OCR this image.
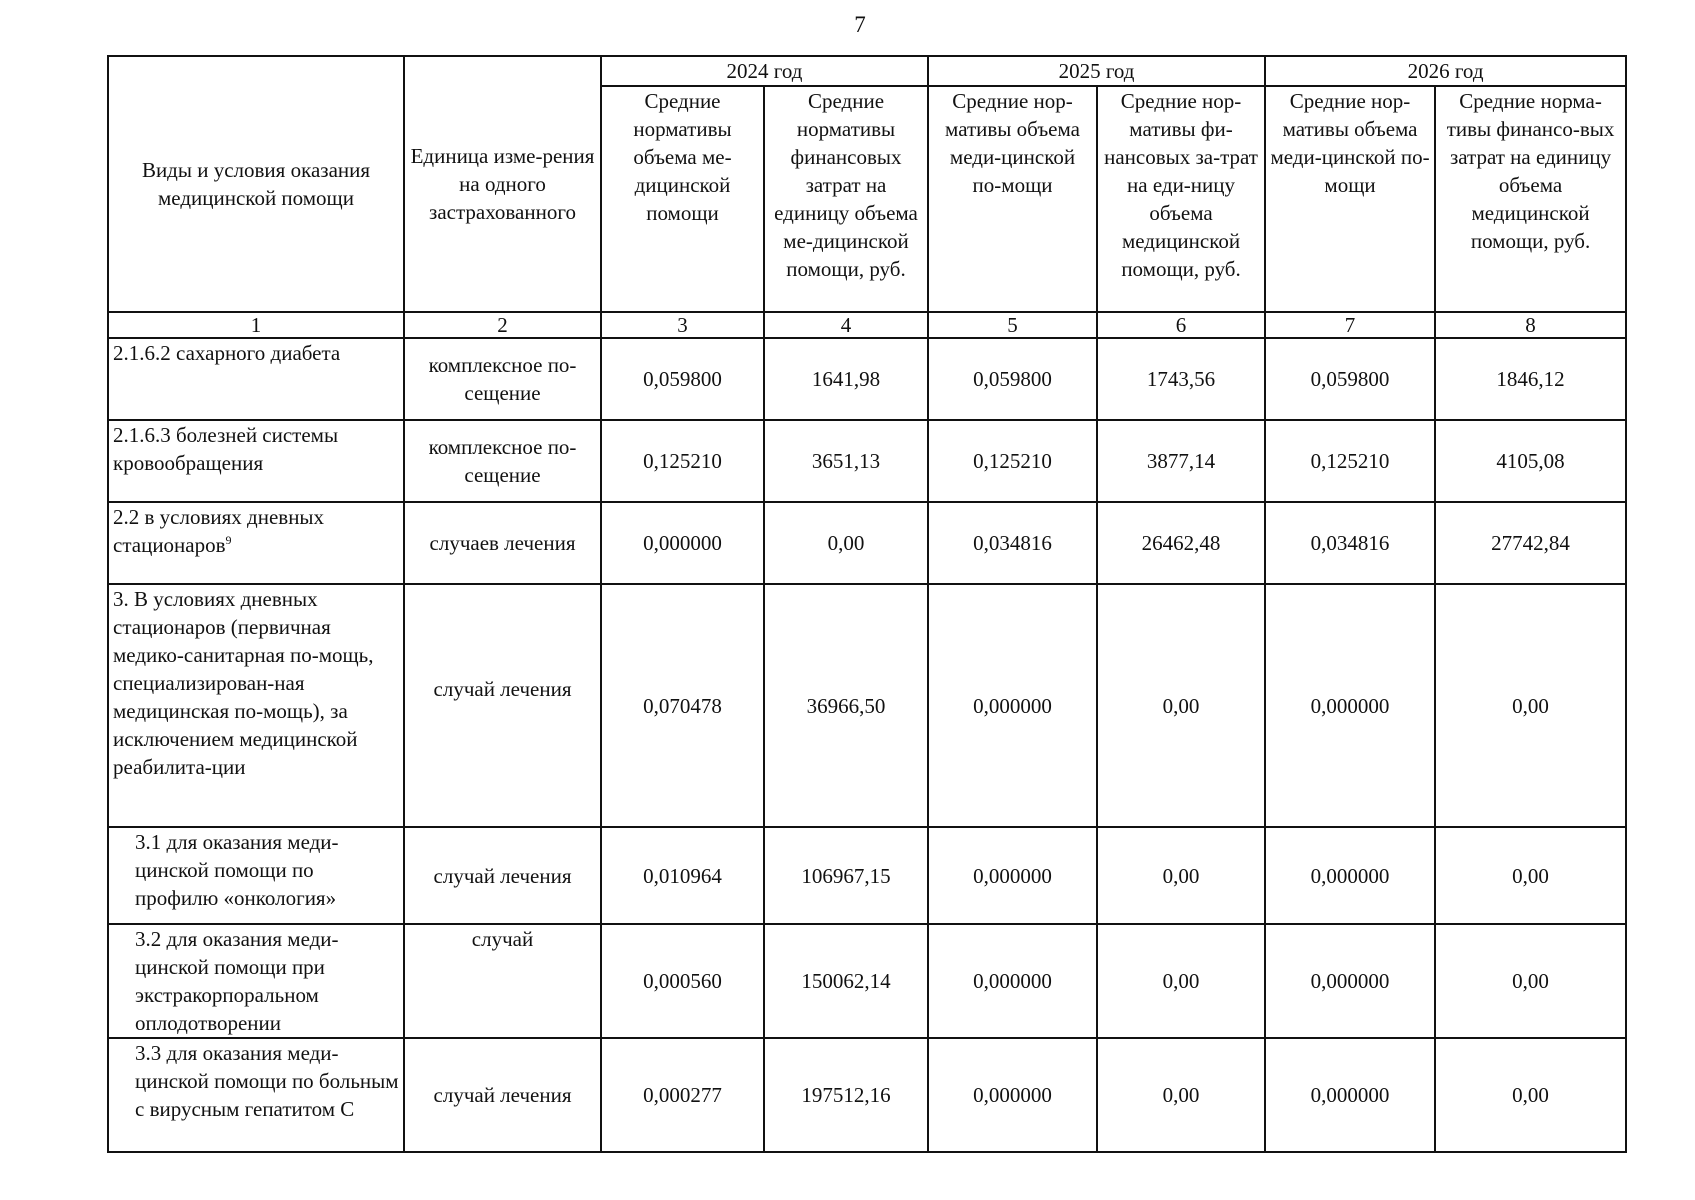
7
Виды и условия оказания медицинской помощи	Единица изме-рения на одного застрахованного	2024 год		2025 год		2026 год	
		Средние нормативы объема ме-дицинской помощи	Средние нормативы финансовых затрат на единицу объема ме-дицинской помощи, руб.	Средние нор-мативы объема меди-цинской по-мощи	Средние нор-мативы фи-нансовых за-трат на еди-ницу объема медицинской помощи, руб.	Средние нор-мативы объема меди-цинской по-мощи	Средние норма-тивы финансо-вых затрат на единицу объема медицинской помощи, руб.
1	2	3	4	5	6	7	8
2.1.6.2 сахарного диабета	комплексное по-сещение	0,059800	1641,98	0,059800	1743,56	0,059800	1846,12
2.1.6.3 болезней системы кровообращения	комплексное по-сещение	0,125210	3651,13	0,125210	3877,14	0,125210	4105,08
2.2 в условиях дневных стационаров$^9$	случаев лечения	0,000000	0,00	0,034816	26462,48	0,034816	27742,84
3. В условиях дневных стационаров (первичная медико-санитарная по-мощь, специализирован-ная медицинская по-мощь), за исключением медицинской реабилита-ции	случай лечения	0,070478	36966,50	0,000000	0,00	0,000000	0,00
3.1 для оказания меди-цинской помощи по профилю «онкология»	случай лечения	0,010964	106967,15	0,000000	0,00	0,000000	0,00
3.2 для оказания меди-цинской помощи при экстракорпоральном оплодотворении	случай	0,000560	150062,14	0,000000	0,00	0,000000	0,00
3.3 для оказания меди-цинской помощи по больным с вирусным гепатитом С	случай лечения	0,000277	197512,16	0,000000	0,00	0,000000	0,00
